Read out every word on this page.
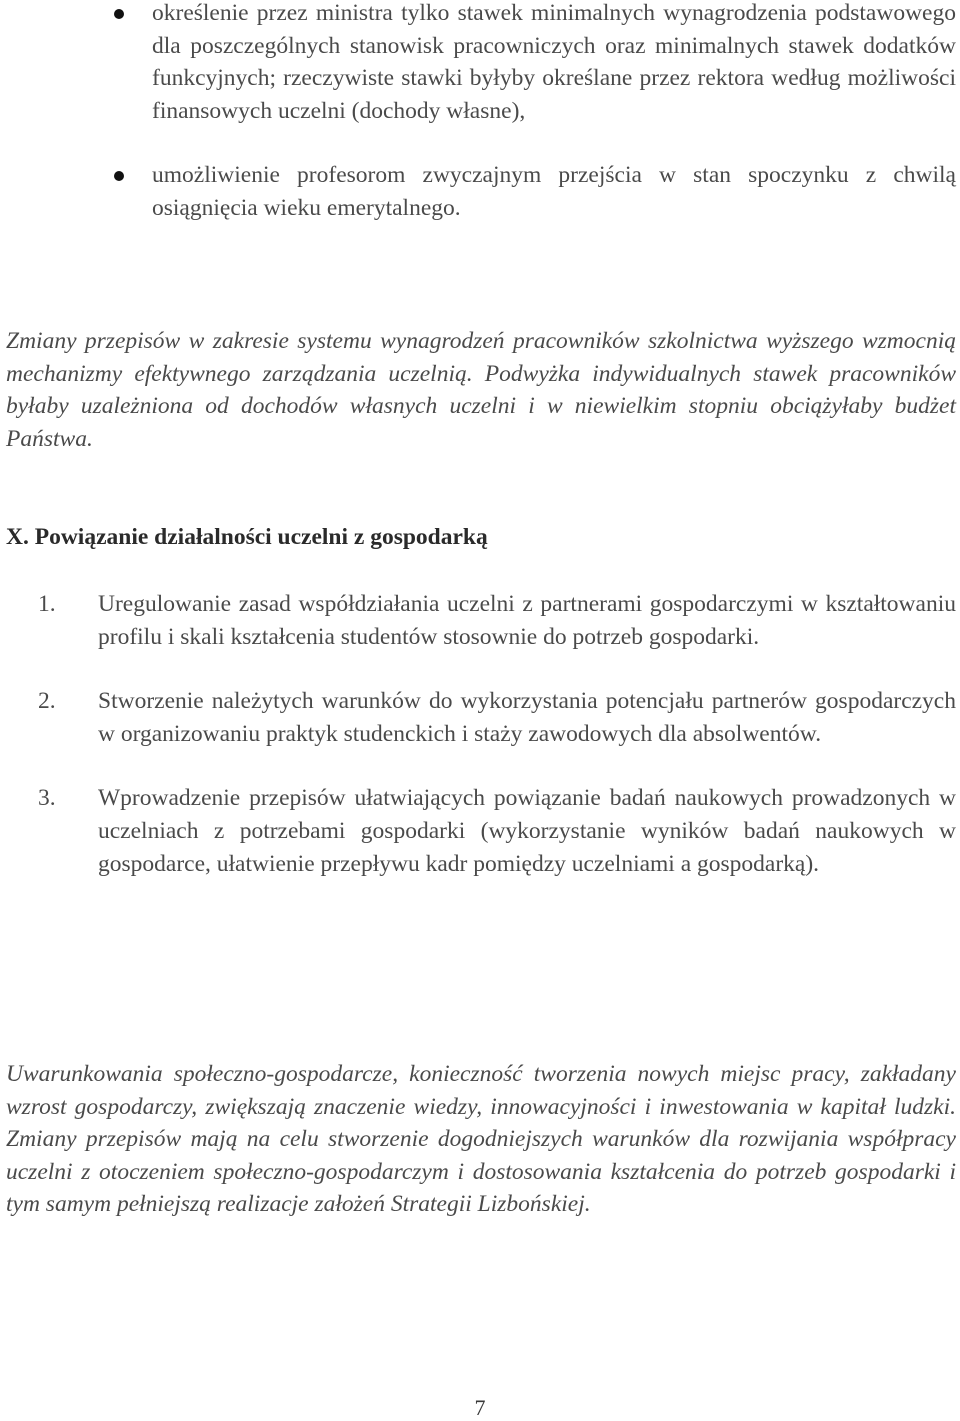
określenie przez ministra tylko stawek minimalnych wynagrodzenia podstawowego dla poszczególnych stanowisk pracowniczych oraz minimalnych stawek dodatków funkcyjnych; rzeczywiste stawki byłyby określane przez rektora według możliwości finansowych uczelni (dochody własne),
umożliwienie profesorom zwyczajnym przejścia w stan spoczynku z chwilą osiągnięcia wieku emerytalnego.

Zmiany przepisów w zakresie systemu wynagrodzeń pracowników szkolnictwa wyższego wzmocnią mechanizmy efektywnego zarządzania uczelnią. Podwyżka indywidualnych stawek pracowników byłaby uzależniona od dochodów własnych uczelni i w niewielkim stopniu obciążyłaby budżet Państwa.

X. Powiązanie działalności uczelni z gospodarką
1. Uregulowanie zasad współdziałania uczelni z partnerami gospodarczymi w kształtowaniu profilu i skali kształcenia studentów stosownie do potrzeb gospodarki.
2. Stworzenie należytych warunków do wykorzystania potencjału partnerów gospodarczych w organizowaniu praktyk studenckich i staży zawodowych dla absolwentów.
3. Wprowadzenie przepisów ułatwiających powiązanie badań naukowych prowadzonych w uczelniach z potrzebami gospodarki (wykorzystanie wyników badań naukowych w gospodarce, ułatwienie przepływu kadr pomiędzy uczelniami a gospodarką).

Uwarunkowania społeczno-gospodarcze, konieczność tworzenia nowych miejsc pracy, zakładany wzrost gospodarczy, zwiększają znaczenie wiedzy, innowacyjności i inwestowania w kapitał ludzki. Zmiany przepisów mają na celu stworzenie dogodniejszych warunków dla rozwijania współpracy uczelni z otoczeniem społeczno-gospodarczym i dostosowania kształcenia do potrzeb gospodarki i tym samym pełniejszą realizacje założeń Strategii Lizbońskiej.

7
